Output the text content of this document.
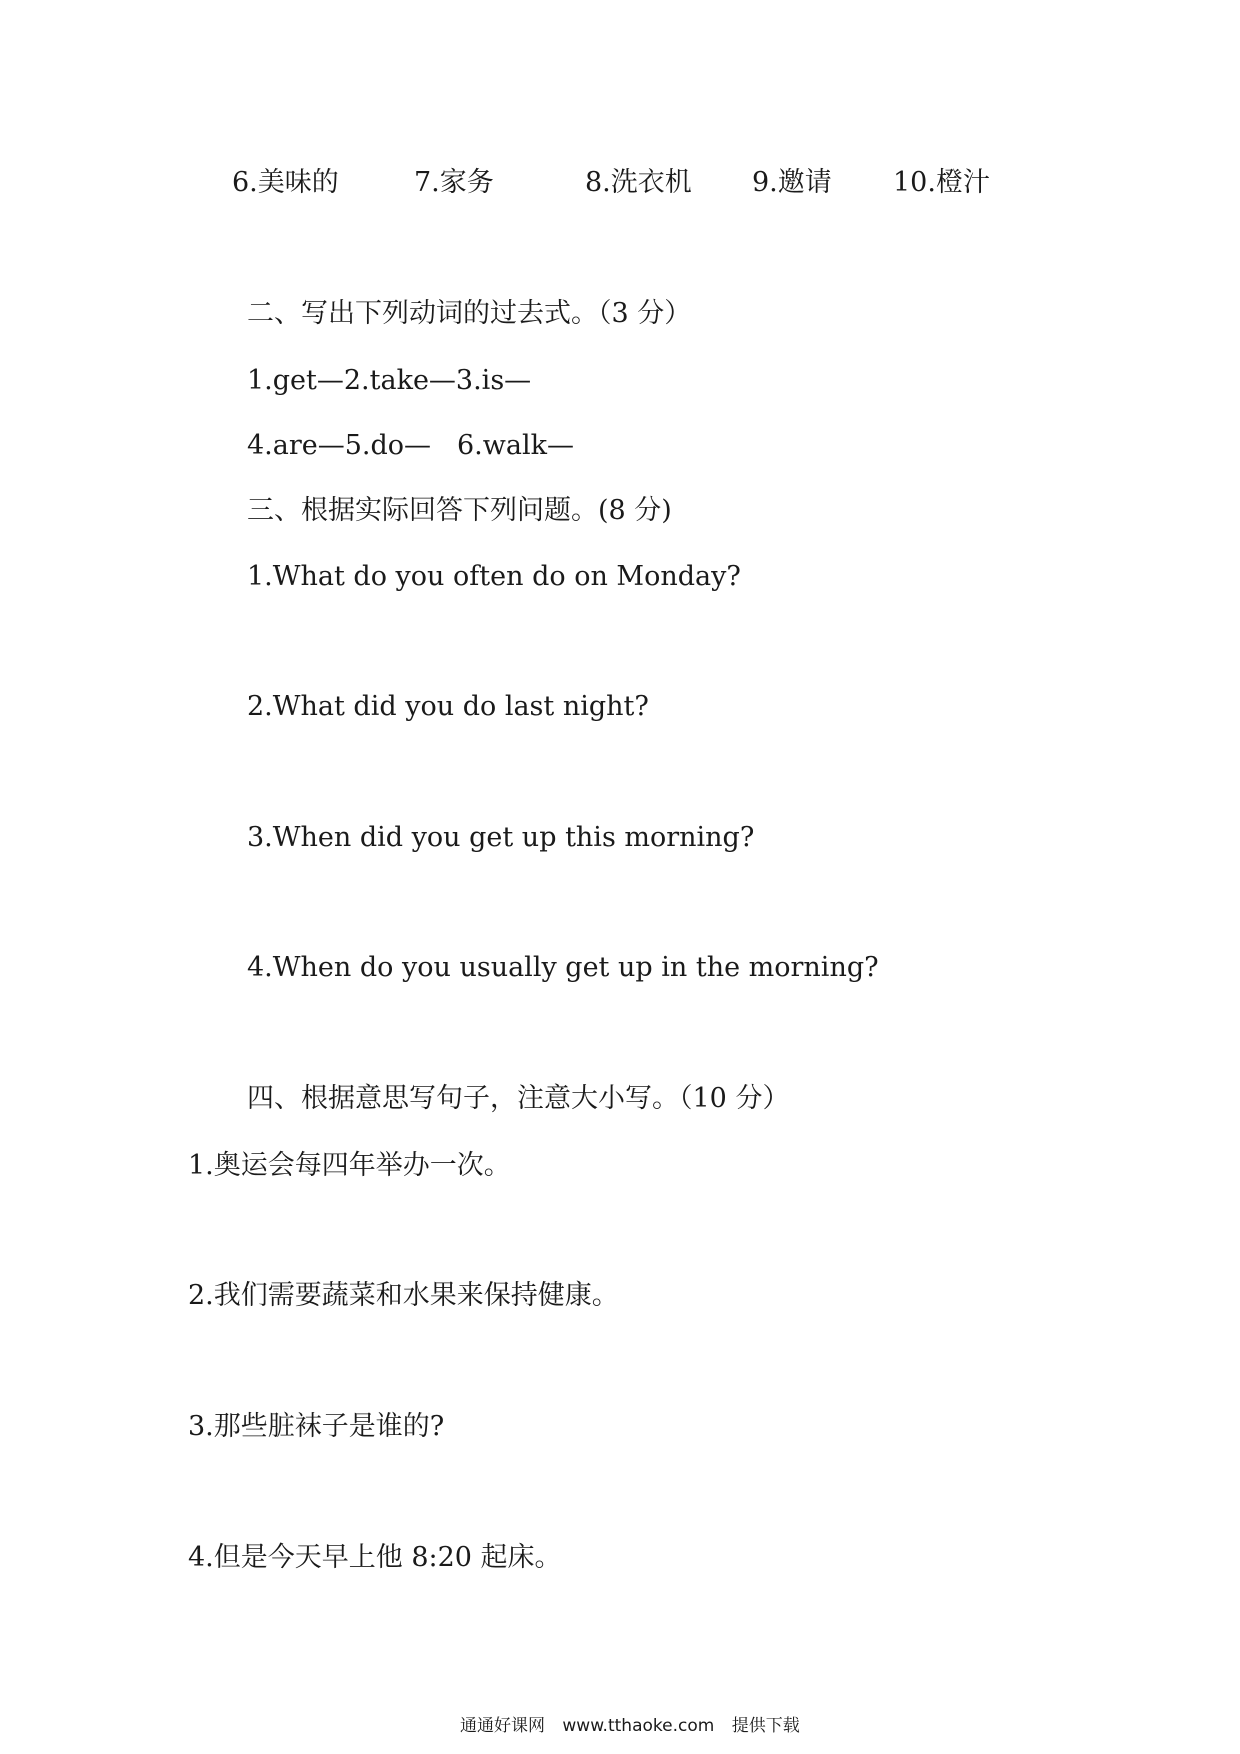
6.美味的	7.家务	8.洗衣机 9.邀请 10.橙汁
二、写出下列动词的过去式。（3 分）
1.get—2.take—3.is—
4.are—5.do— 6.walk—
三、根据实际回答下列问题。(8 分)
1.What do you often do on Monday?
2.What did you do last night?
3.When did you get up this morning?
4.When do you usually get up in the morning?
四、根据意思写句子，注意大小写。（10 分）
1.奥运会每四年举办一次。
2.我们需要蔬菜和水果来保持健康。
3.那些脏袜子是谁的?
4.但是今天早上他 8:20 起床。
通通好课网 www.tthaoke.com 提供下载
